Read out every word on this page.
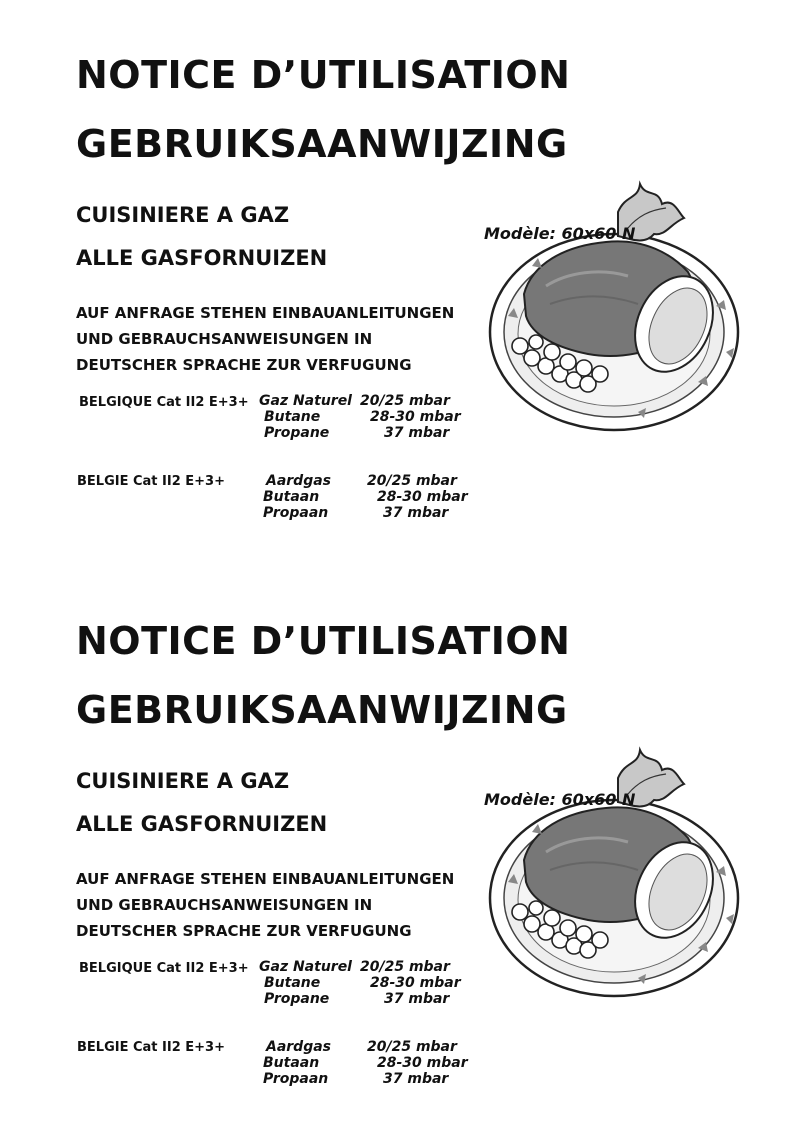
NOTICE D’UTILISATION
GEBRUIKSAANWIJZING
CUISINIERE A GAZ
ALLE GASFORNUIZEN
AUF ANFRAGE STEHEN EINBAUANLEITUNGEN
UND GEBRAUCHSANWEISUNGEN IN
DEUTSCHER SPRACHE ZUR VERFUGUNG
BELGIQUE Cat II2 E+3+ Gaz Naturel 20/25 mbar
Butane	28-30 mbar
Propane	37 mbar
BELGIE Cat II2 E+3+	Aardgas	20/25 mbar
Butaan	28-30 mbar
Propaan	37 mbar
Modèle: 60x60 N
NOTICE D’UTILISATION
GEBRUIKSAANWIJZING
CUISINIERE A GAZ
ALLE GASFORNUIZEN
AUF ANFRAGE STEHEN EINBAUANLEITUNGEN
UND GEBRAUCHSANWEISUNGEN IN
DEUTSCHER SPRACHE ZUR VERFUGUNG
BELGIQUE Cat II2 E+3+ Gaz Naturel 20/25 mbar
Butane	28-30 mbar
Propane	37 mbar
BELGIE Cat II2 E+3+	Aardgas	20/25 mbar
Butaan	28-30 mbar
Propaan	37 mbar
Modèle: 60x60 N
